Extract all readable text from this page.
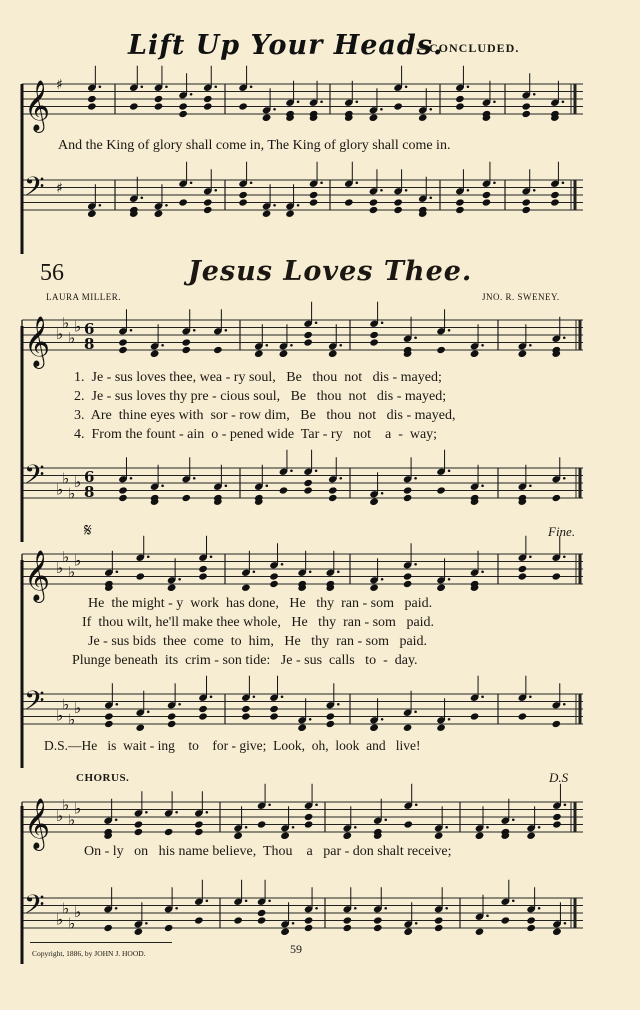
Lift Up Your Heads.
—CONCLUDED.
𝄞 ♯
And the King of glory shall come in, The King of glory shall come in.
𝄢 ♯
56	Jesus Loves Thee.
LAURA MILLER.	JNO. R. SWENEY.
𝄞 ♭
♭
♭
♭ 6
8
1.  Je - sus loves thee, wea - ry soul,   Be   thou  not   dis - mayed;
2.  Je - sus loves thy pre - cious soul,   Be   thou  not   dis - mayed;
3.  Are  thine eyes with  sor - row dim,   Be   thou  not   dis - mayed,
4.  From the fount - ain  o - pened wide  Tar - ry   not    a  -  way;
𝄢 ♭
♭
♭
♭ 6
8
𝄋	Fine.
𝄞 ♭
♭
♭
♭
He  the might - y  work  has done,   He   thy  ran - som   paid.
If  thou wilt, he'll make thee whole,   He   thy  ran - som   paid.
Je - sus bids  thee  come  to  him,   He   thy  ran - som   paid.
Plunge beneath  its  crim - son tide:   Je - sus  calls   to  -  day.
𝄢 ♭
♭
♭
♭
D.S.—He   is  wait - ing    to    for - give;  Look,  oh,  look  and   live!
CHORUS.	D.S
𝄞 ♭
♭
♭
♭
On - ly   on   his name believe,  Thou    a   par - don shalt receive;
𝄢 ♭
♭
♭
♭
Copyright, 1886, by JOHN J. HOOD.	59
